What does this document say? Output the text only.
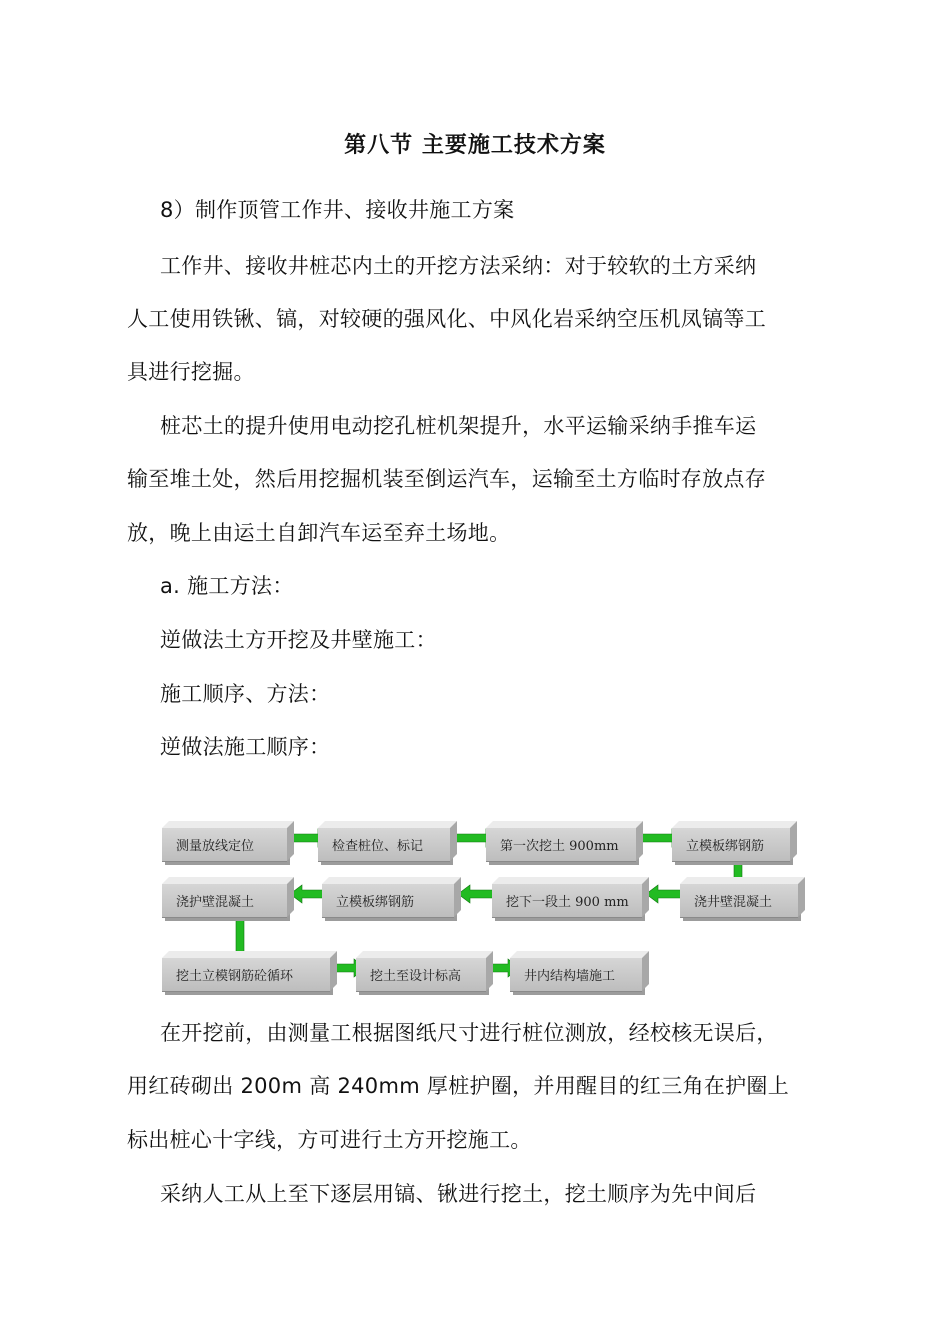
第八节 主要施工技术方案
8）制作顶管工作井、接收井施工方案
工作井、接收井桩芯内土的开挖方法采纳：对于较软的土方采纳
人工使用铁锹、镐，对较硬的强风化、中风化岩采纳空压机凤镐等工
具进行挖掘。
桩芯土的提升使用电动挖孔桩机架提升，水平运输采纳手推车运
输至堆土处，然后用挖掘机装至倒运汽车，运输至土方临时存放点存
放，晚上由运土自卸汽车运至弃土场地。
a. 施工方法：
逆做法土方开挖及井壁施工：
施工顺序、方法：
逆做法施工顺序：
测量放线定位	检查桩位、标记	第一次挖土 900mm	立模板绑钢筋
浇井壁混凝土
挖下一段土 900 mm
立模板绑钢筋
浇护壁混凝土
挖土立模钢筋砼循环	挖土至设计标高	井内结构墙施工
在开挖前，由测量工根据图纸尺寸进行桩位测放，经校核无误后，
用红砖砌出 200m 高 240mm 厚桩护圈，并用醒目的红三角在护圈上
标出桩心十字线，方可进行土方开挖施工。
采纳人工从上至下逐层用镐、锹进行挖土，挖土顺序为先中间后
